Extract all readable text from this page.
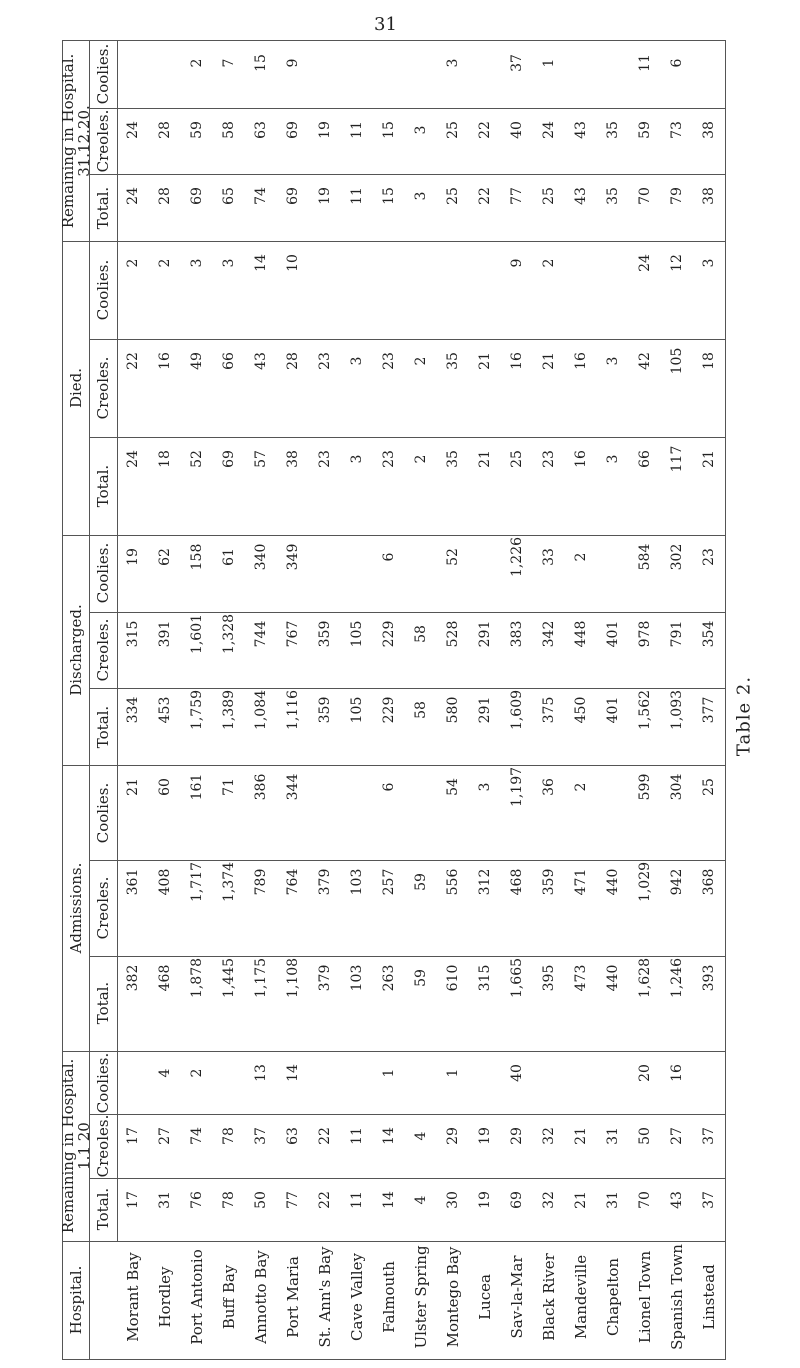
31
Table 2.
Remaining in Hospital.
31.12.20.
Coolies.
Creoles.
Total.
Died.
Coolies.
Creoles.
Total.
Discharged.
Coolies.
Creoles.
Total.
Admissions.
Coolies.
Creoles.
Total.
Remaining in Hospital.
1.1 20
Coolies.
Creoles.
Total.
Hospital.
24
24
2
22
24
19
315
334
21
361
382
17
17
Morant Bay
28
28
2
16
18
62
391
453
60
408
468
4
27
31
Hordley
2
59
69
3
49
52
158
1,601
1,759
161
1,717
1,878
2
74
76
Port Antonio
7
58
65
3
66
69
61
1,328
1,389
71
1,374
1,445
78
78
Buff Bay
15
63
74
14
43
57
340
744
1,084
386
789
1,175
13
37
50
Annotto Bay
9
69
69
10
28
38
349
767
1,116
344
764
1,108
14
63
77
Port Maria
19
19
23
23
359
359
379
379
22
22
St. Ann's Bay
11
11
3
3
105
105
103
103
11
11
Cave Valley
15
15
23
23
6
229
229
6
257
263
1
14
14
Falmouth
3
3
2
2
58
58
59
59
4
4
Ulster Spring
3
25
25
35
35
52
528
580
54
556
610
1
29
30
Montego Bay
22
22
21
21
291
291
3
312
315
19
19
Lucea
37
40
77
9
16
25
1,226
383
1,609
1,197
468
1,665
40
29
69
Sav-la-Mar
1
24
25
2
21
23
33
342
375
36
359
395
32
32
Black River
43
43
16
16
2
448
450
2
471
473
21
21
Mandeville
35
35
3
3
401
401
440
440
31
31
Chapelton
11
59
70
24
42
66
584
978
1,562
599
1,029
1,628
20
50
70
Lionel Town
6
73
79
12
105
117
302
791
1,093
304
942
1,246
16
27
43
Spanish Town
38
38
3
18
21
23
354
377
25
368
393
37
37
Linstead
